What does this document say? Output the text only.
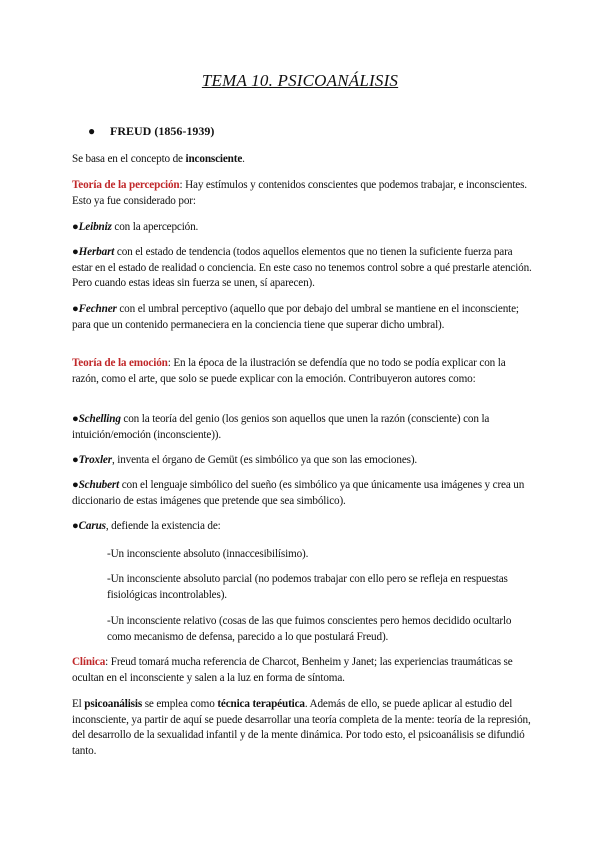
TEMA 10. PSICOANÁLISIS
● FREUD (1856-1939)

Se basa en el concepto de inconsciente.

Teoría de la percepción: Hay estímulos y contenidos conscientes que podemos trabajar, e inconscientes. Esto ya fue considerado por:

●Leibniz con la apercepción.

●Herbart con el estado de tendencia (todos aquellos elementos que no tienen la suficiente fuerza para estar en el estado de realidad o conciencia. En este caso no tenemos control sobre a qué prestarle atención. Pero cuando estas ideas sin fuerza se unen, sí aparecen).

●Fechner con el umbral perceptivo (aquello que por debajo del umbral se mantiene en el inconsciente; para que un contenido permaneciera en la conciencia tiene que superar dicho umbral).

Teoría de la emoción: En la época de la ilustración se defendía que no todo se podía explicar con la razón, como el arte, que solo se puede explicar con la emoción. Contribuyeron autores como:

●Schelling con la teoría del genio (los genios son aquellos que unen la razón (consciente) con la intuición/emoción (inconsciente)).

●Troxler, inventa el órgano de Gemüt (es simbólico ya que son las emociones).

●Schubert con el lenguaje simbólico del sueño (es simbólico ya que únicamente usa imágenes y crea un diccionario de estas imágenes que pretende que sea simbólico).

●Carus, defiende la existencia de:

-Un inconsciente absoluto (innaccesibilísimo).

-Un inconsciente absoluto parcial (no podemos trabajar con ello pero se refleja en respuestas fisiológicas incontrolables).

-Un inconsciente relativo (cosas de las que fuimos conscientes pero hemos decidido ocultarlo como mecanismo de defensa, parecido a lo que postulará Freud).

Clínica: Freud tomará mucha referencia de Charcot, Benheim y Janet; las experiencias traumáticas se ocultan en el inconsciente y salen a la luz en forma de síntoma.

El psicoanálisis se emplea como técnica terapéutica. Además de ello, se puede aplicar al estudio del inconsciente, ya partir de aquí se puede desarrollar una teoría completa de la mente: teoría de la represión, del desarrollo de la sexualidad infantil y de la mente dinámica. Por todo esto, el psicoanálisis se difundió tanto.
